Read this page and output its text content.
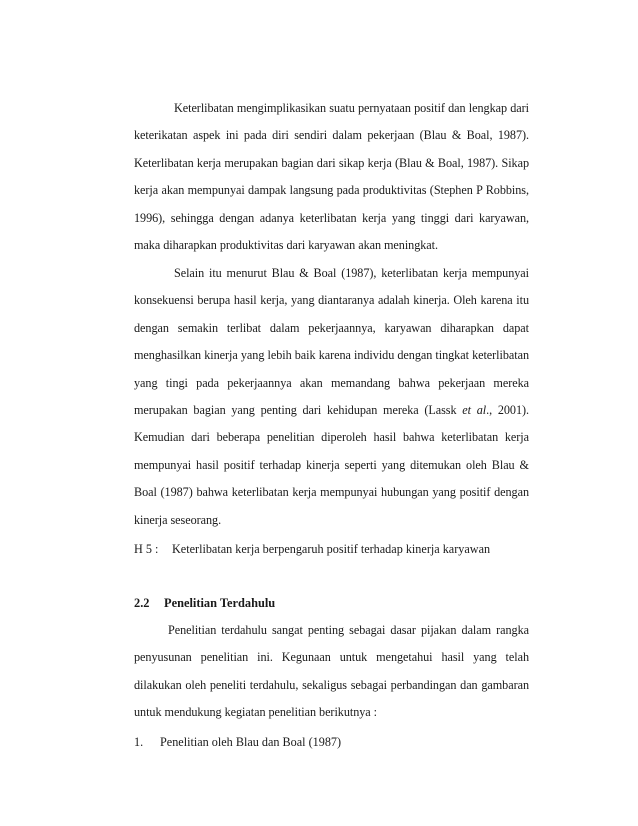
Keterlibatan mengimplikasikan suatu pernyataan positif dan lengkap dari keterikatan aspek ini pada diri sendiri dalam pekerjaan (Blau & Boal, 1987). Keterlibatan kerja merupakan bagian dari sikap kerja (Blau & Boal, 1987). Sikap kerja akan mempunyai dampak langsung pada produktivitas (Stephen P Robbins, 1996), sehingga dengan adanya keterlibatan kerja yang tinggi dari karyawan, maka diharapkan produktivitas dari karyawan akan meningkat.

Selain itu menurut Blau & Boal (1987), keterlibatan kerja mempunyai konsekuensi berupa hasil kerja, yang diantaranya adalah kinerja. Oleh karena itu dengan semakin terlibat dalam pekerjaannya, karyawan diharapkan dapat menghasilkan kinerja yang lebih baik karena individu dengan tingkat keterlibatan yang tingi pada pekerjaannya akan memandang bahwa pekerjaan mereka merupakan bagian yang penting dari kehidupan mereka (Lassk et al., 2001). Kemudian dari beberapa penelitian diperoleh hasil bahwa keterlibatan kerja mempunyai hasil positif terhadap kinerja seperti yang ditemukan oleh Blau & Boal (1987) bahwa keterlibatan kerja mempunyai hubungan yang positif dengan kinerja seseorang.

H 5 : Keterlibatan kerja berpengaruh positif terhadap kinerja karyawan

2.2 Penelitian Terdahulu

Penelitian terdahulu sangat penting sebagai dasar pijakan dalam rangka penyusunan penelitian ini. Kegunaan untuk mengetahui hasil yang telah dilakukan oleh peneliti terdahulu, sekaligus sebagai perbandingan dan gambaran untuk mendukung kegiatan penelitian berikutnya :

1. Penelitian oleh Blau dan Boal (1987)
